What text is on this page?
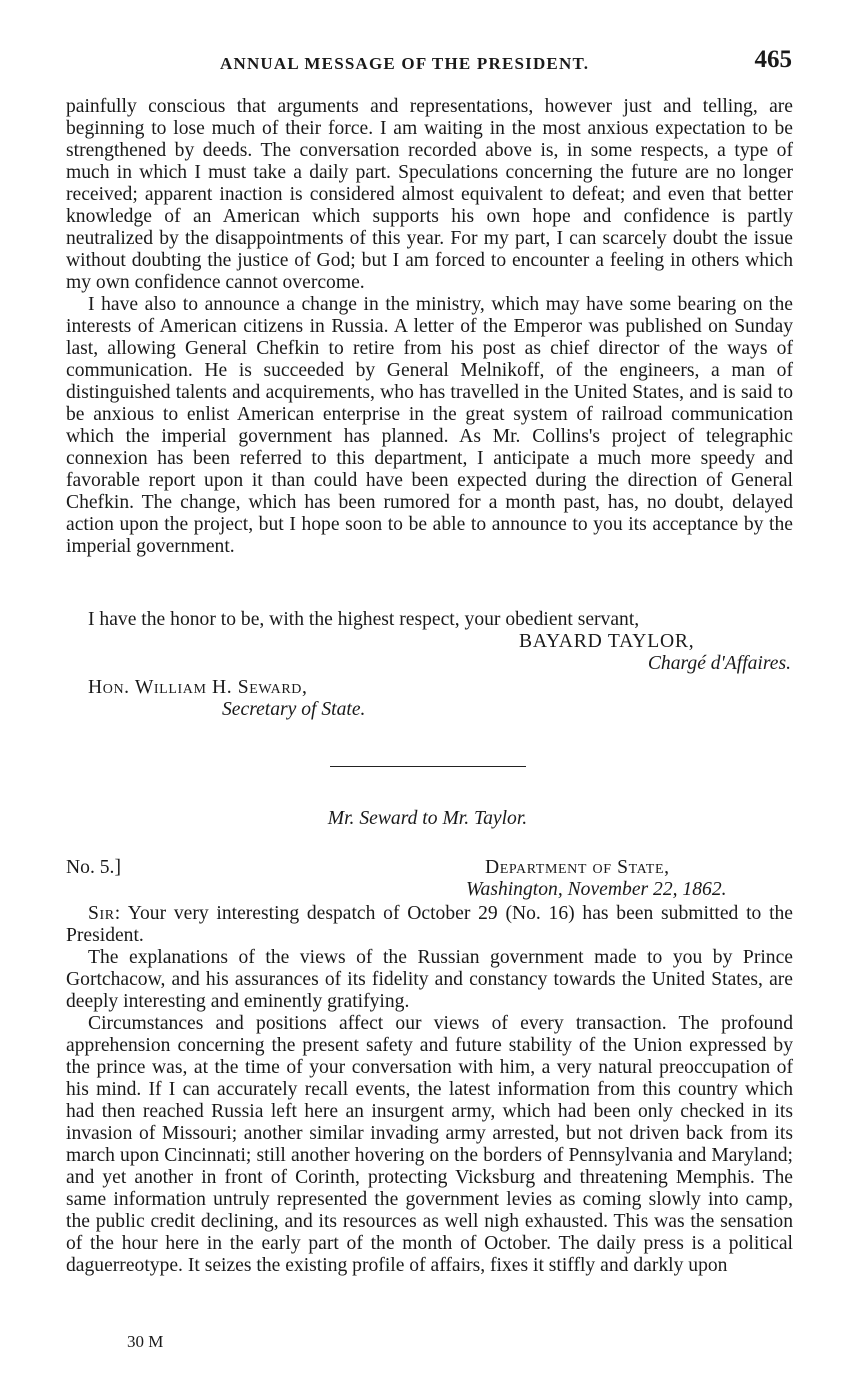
ANNUAL MESSAGE OF THE PRESIDENT.	465

painfully conscious that arguments and representations, however just and telling, are beginning to lose much of their force. I am waiting in the most anxious expectation to be strengthened by deeds. The conversation recorded above is, in some respects, a type of much in which I must take a daily part. Speculations concerning the future are no longer received; apparent inaction is considered almost equivalent to defeat; and even that better knowledge of an American which supports his own hope and confidence is partly neutralized by the disappointments of this year. For my part, I can scarcely doubt the issue without doubting the justice of God; but I am forced to encounter a feeling in others which my own confidence cannot overcome.

I have also to announce a change in the ministry, which may have some bearing on the interests of American citizens in Russia. A letter of the Emperor was published on Sunday last, allowing General Chefkin to retire from his post as chief director of the ways of communication. He is succeeded by General Melnikoff, of the engineers, a man of distinguished talents and acquirements, who has travelled in the United States, and is said to be anxious to enlist American enterprise in the great system of railroad communication which the imperial government has planned. As Mr. Collins's project of telegraphic connexion has been referred to this department, I anticipate a much more speedy and favorable report upon it than could have been expected during the direction of General Chefkin. The change, which has been rumored for a month past, has, no doubt, delayed action upon the project, but I hope soon to be able to announce to you its acceptance by the imperial government.

I have the honor to be, with the highest respect, your obedient servant,
BAYARD TAYLOR,
Chargé d'Affaires.
Hon. William H. Seward,
Secretary of State.
Mr. Seward to Mr. Taylor.
No. 5.]	Department of State,
Washington, November 22, 1862.

Sir: Your very interesting despatch of October 29 (No. 16) has been submitted to the President.

The explanations of the views of the Russian government made to you by Prince Gortchacow, and his assurances of its fidelity and constancy towards the United States, are deeply interesting and eminently gratifying.

Circumstances and positions affect our views of every transaction. The profound apprehension concerning the present safety and future stability of the Union expressed by the prince was, at the time of your conversation with him, a very natural preoccupation of his mind. If I can accurately recall events, the latest information from this country which had then reached Russia left here an insurgent army, which had been only checked in its invasion of Missouri; another similar invading army arrested, but not driven back from its march upon Cincinnati; still another hovering on the borders of Pennsylvania and Maryland; and yet another in front of Corinth, protecting Vicksburg and threatening Memphis. The same information untruly represented the government levies as coming slowly into camp, the public credit declining, and its resources as well nigh exhausted. This was the sensation of the hour here in the early part of the month of October. The daily press is a political daguerreotype. It seizes the existing profile of affairs, fixes it stiffly and darkly upon

30 M
